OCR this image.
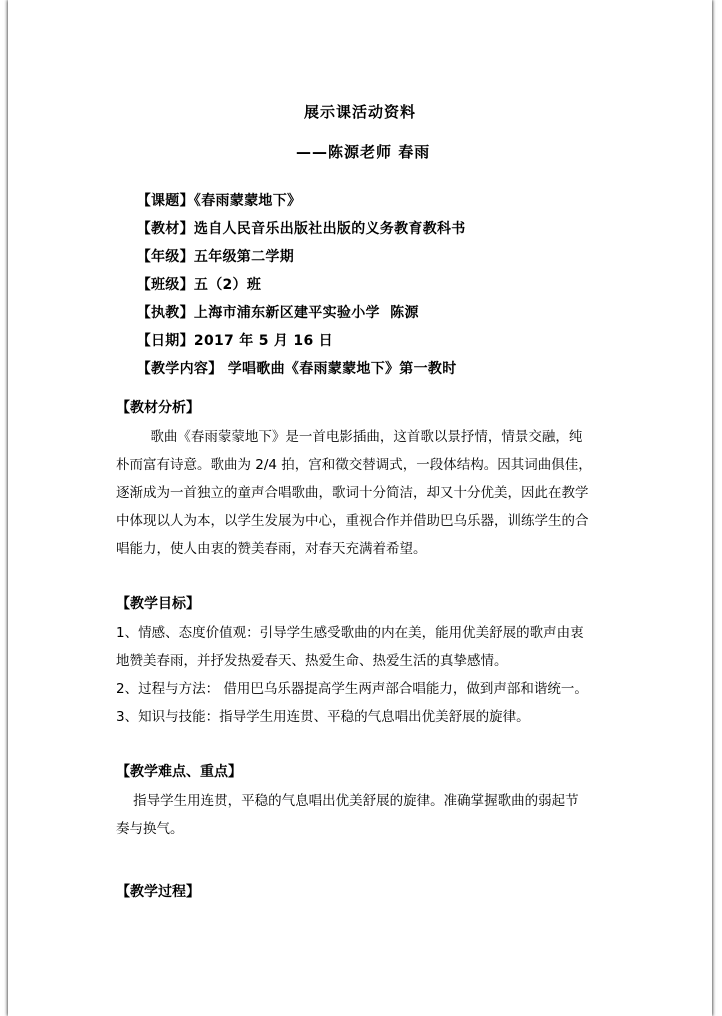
展示课活动资料
——陈源老师 春雨

【课题】《春雨蒙蒙地下》

【教材】选自人民音乐出版社出版的义务教育教科书

【年级】五年级第二学期

【班级】五（2）班

【执教】上海市浦东新区建平实验小学  陈源

【日期】2017 年 5 月 16 日

【教学内容】 学唱歌曲《春雨蒙蒙地下》第一教时

【教材分析】
歌曲《春雨蒙蒙地下》是一首电影插曲，这首歌以景抒情，情景交融，纯
朴而富有诗意。歌曲为 2/4 拍，宫和徵交替调式，一段体结构。因其词曲俱佳，
逐渐成为一首独立的童声合唱歌曲，歌词十分简洁，却又十分优美，因此在教学
中体现以人为本，以学生发展为中心，重视合作并借助巴乌乐器，训练学生的合
唱能力，使人由衷的赞美春雨，对春天充满着希望。
【教学目标】
1、情感、态度价值观：引导学生感受歌曲的内在美，能用优美舒展的歌声由衷
地赞美春雨，并抒发热爱春天、热爱生命、热爱生活的真挚感情。
2、过程与方法： 借用巴乌乐器提高学生两声部合唱能力，做到声部和谐统一。
3、知识与技能：指导学生用连贯、平稳的气息唱出优美舒展的旋律。
【教学难点、重点】
指导学生用连贯，平稳的气息唱出优美舒展的旋律。准确掌握歌曲的弱起节
奏与换气。
【教学过程】
